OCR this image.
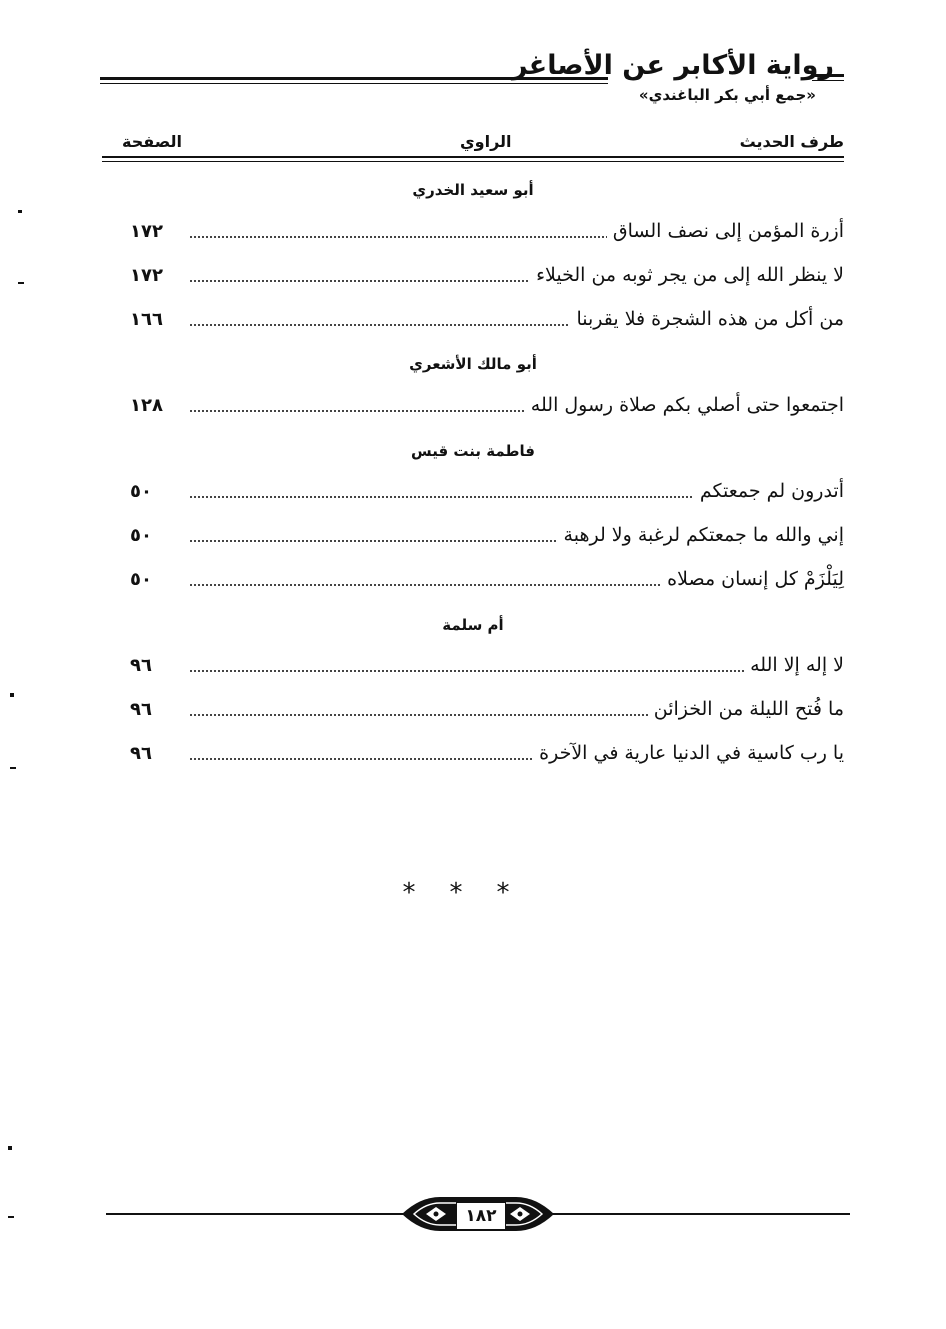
رواية الأكابر عن الأصاغر
«جمع أبي بكر الباغندي»
طرف الحديث
الراوي
الصفحة
أبو سعيد الخدري
أزرة المؤمن إلى نصف الساق
١٧٢
لا ينظر الله إلى من يجر ثوبه من الخيلاء
١٧٢
من أكل من هذه الشجرة فلا يقربنا
١٦٦
أبو مالك الأشعري
اجتمعوا حتى أصلي بكم صلاة رسول الله
١٢٨
فاطمة بنت قيس
أتدرون لم جمعتكم
٥٠
إني والله ما جمعتكم لرغبة ولا لرهبة
٥٠
لِيَلْزَمْ كل إنسان مصلاه
٥٠
أم سلمة
لا إله إلا الله
٩٦
ما فُتح الليلة من الخزائن
٩٦
يا رب كاسية في الدنيا عارية في الآخرة
٩٦
***
١٨٢
